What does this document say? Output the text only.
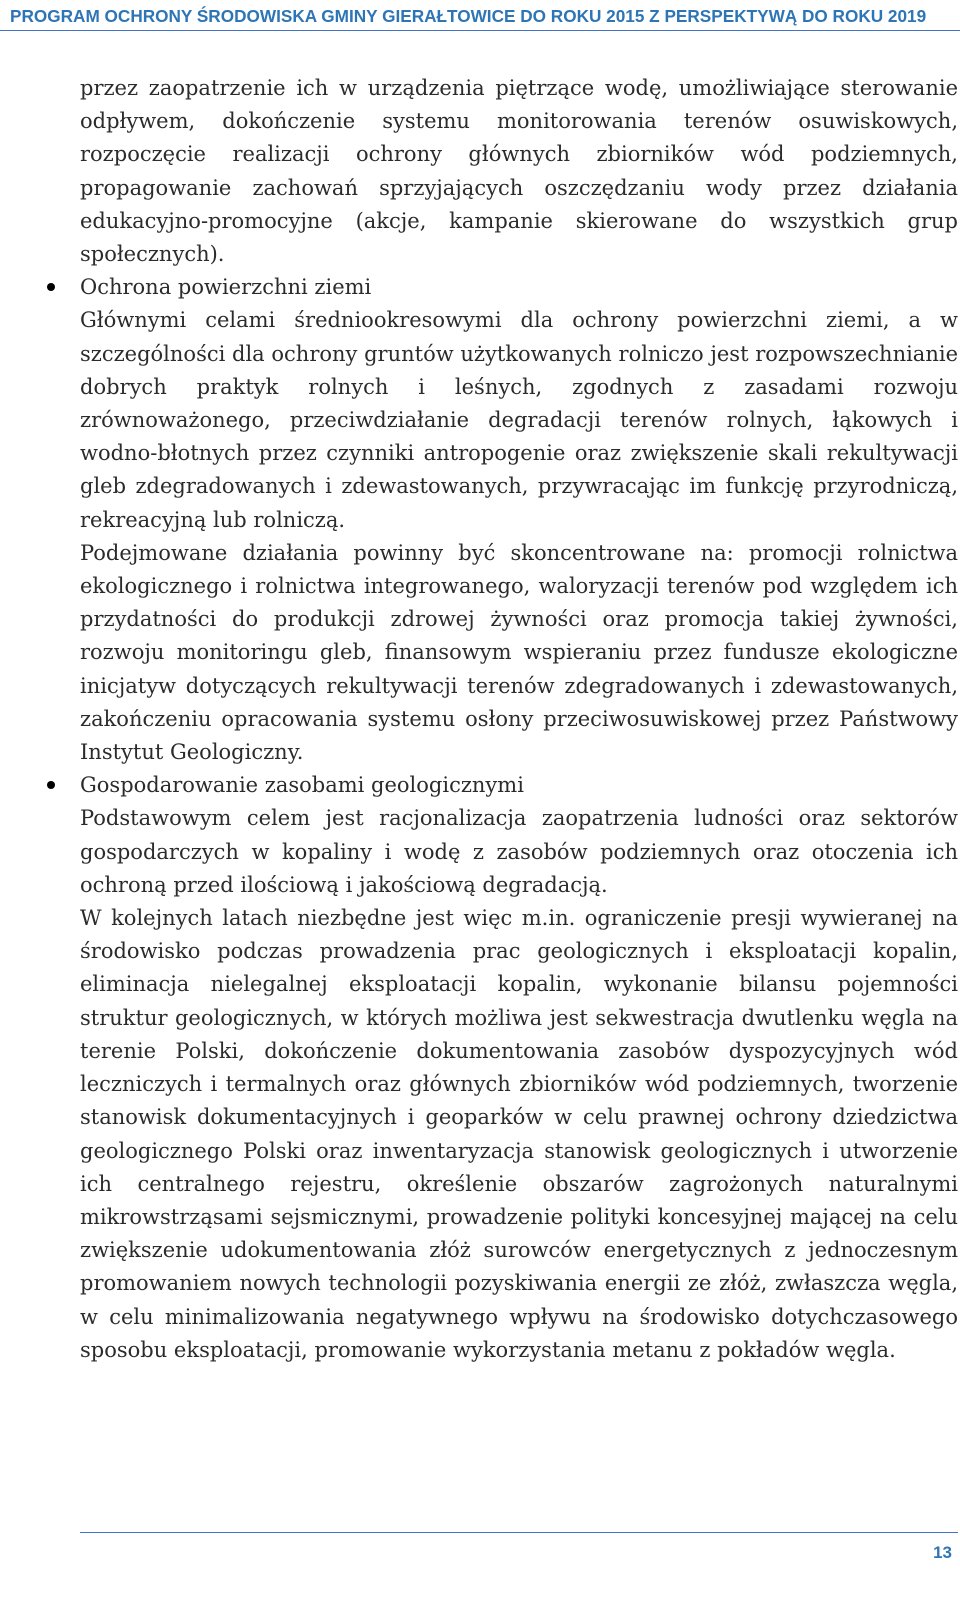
PROGRAM OCHRONY ŚRODOWISKA GMINY GIERAŁTOWICE DO ROKU 2015 Z PERSPEKTYWĄ DO ROKU 2019

przez zaopatrzenie ich w urządzenia piętrzące wodę, umożliwiające sterowanie odpływem, dokończenie systemu monitorowania terenów osuwiskowych, rozpoczęcie realizacji ochrony głównych zbiorników wód podziemnych, propagowanie zachowań sprzyjających oszczędzaniu wody przez działania edukacyjno-promocyjne (akcje, kampanie skierowane do wszystkich grup społecznych).

Ochrona powierzchni ziemi

Głównymi celami średniookresowymi dla ochrony powierzchni ziemi, a w szczególności dla ochrony gruntów użytkowanych rolniczo jest rozpowszechnianie dobrych praktyk rolnych i leśnych, zgodnych z zasadami rozwoju zrównoważonego, przeciwdziałanie degradacji terenów rolnych, łąkowych i wodno-błotnych przez czynniki antropogenie oraz zwiększenie skali rekultywacji gleb zdegradowanych i zdewastowanych, przywracając im funkcję przyrodniczą, rekreacyjną lub rolniczą.

Podejmowane działania powinny być skoncentrowane na: promocji rolnictwa ekologicznego i rolnictwa integrowanego, waloryzacji terenów pod względem ich przydatności do produkcji zdrowej żywności oraz promocja takiej żywności, rozwoju monitoringu gleb, finansowym wspieraniu przez fundusze ekologiczne inicjatyw dotyczących rekultywacji terenów zdegradowanych i zdewastowanych, zakończeniu opracowania systemu osłony przeciwosuwiskowej przez Państwowy Instytut Geologiczny.

Gospodarowanie zasobami geologicznymi

Podstawowym celem jest racjonalizacja zaopatrzenia ludności oraz sektorów gospodarczych w kopaliny i wodę z zasobów podziemnych oraz otoczenia ich ochroną przed ilościową i jakościową degradacją.

W kolejnych latach niezbędne jest więc m.in. ograniczenie presji wywieranej na środowisko podczas prowadzenia prac geologicznych i eksploatacji kopalin, eliminacja nielegalnej eksploatacji kopalin, wykonanie bilansu pojemności struktur geologicznych, w których możliwa jest sekwestracja dwutlenku węgla na terenie Polski, dokończenie dokumentowania zasobów dyspozycyjnych wód leczniczych i termalnych oraz głównych zbiorników wód podziemnych, tworzenie stanowisk dokumentacyjnych i geoparków w celu prawnej ochrony dziedzictwa geologicznego Polski oraz inwentaryzacja stanowisk geologicznych i utworzenie ich centralnego rejestru, określenie obszarów zagrożonych naturalnymi mikrowstrząsami sejsmicznymi, prowadzenie polityki koncesyjnej mającej na celu zwiększenie udokumentowania złóż surowców energetycznych z jednoczesnym promowaniem nowych technologii pozyskiwania energii ze złóż, zwłaszcza węgla, w celu minimalizowania negatywnego wpływu na środowisko dotychczasowego sposobu eksploatacji, promowanie wykorzystania metanu z pokładów węgla.

13
